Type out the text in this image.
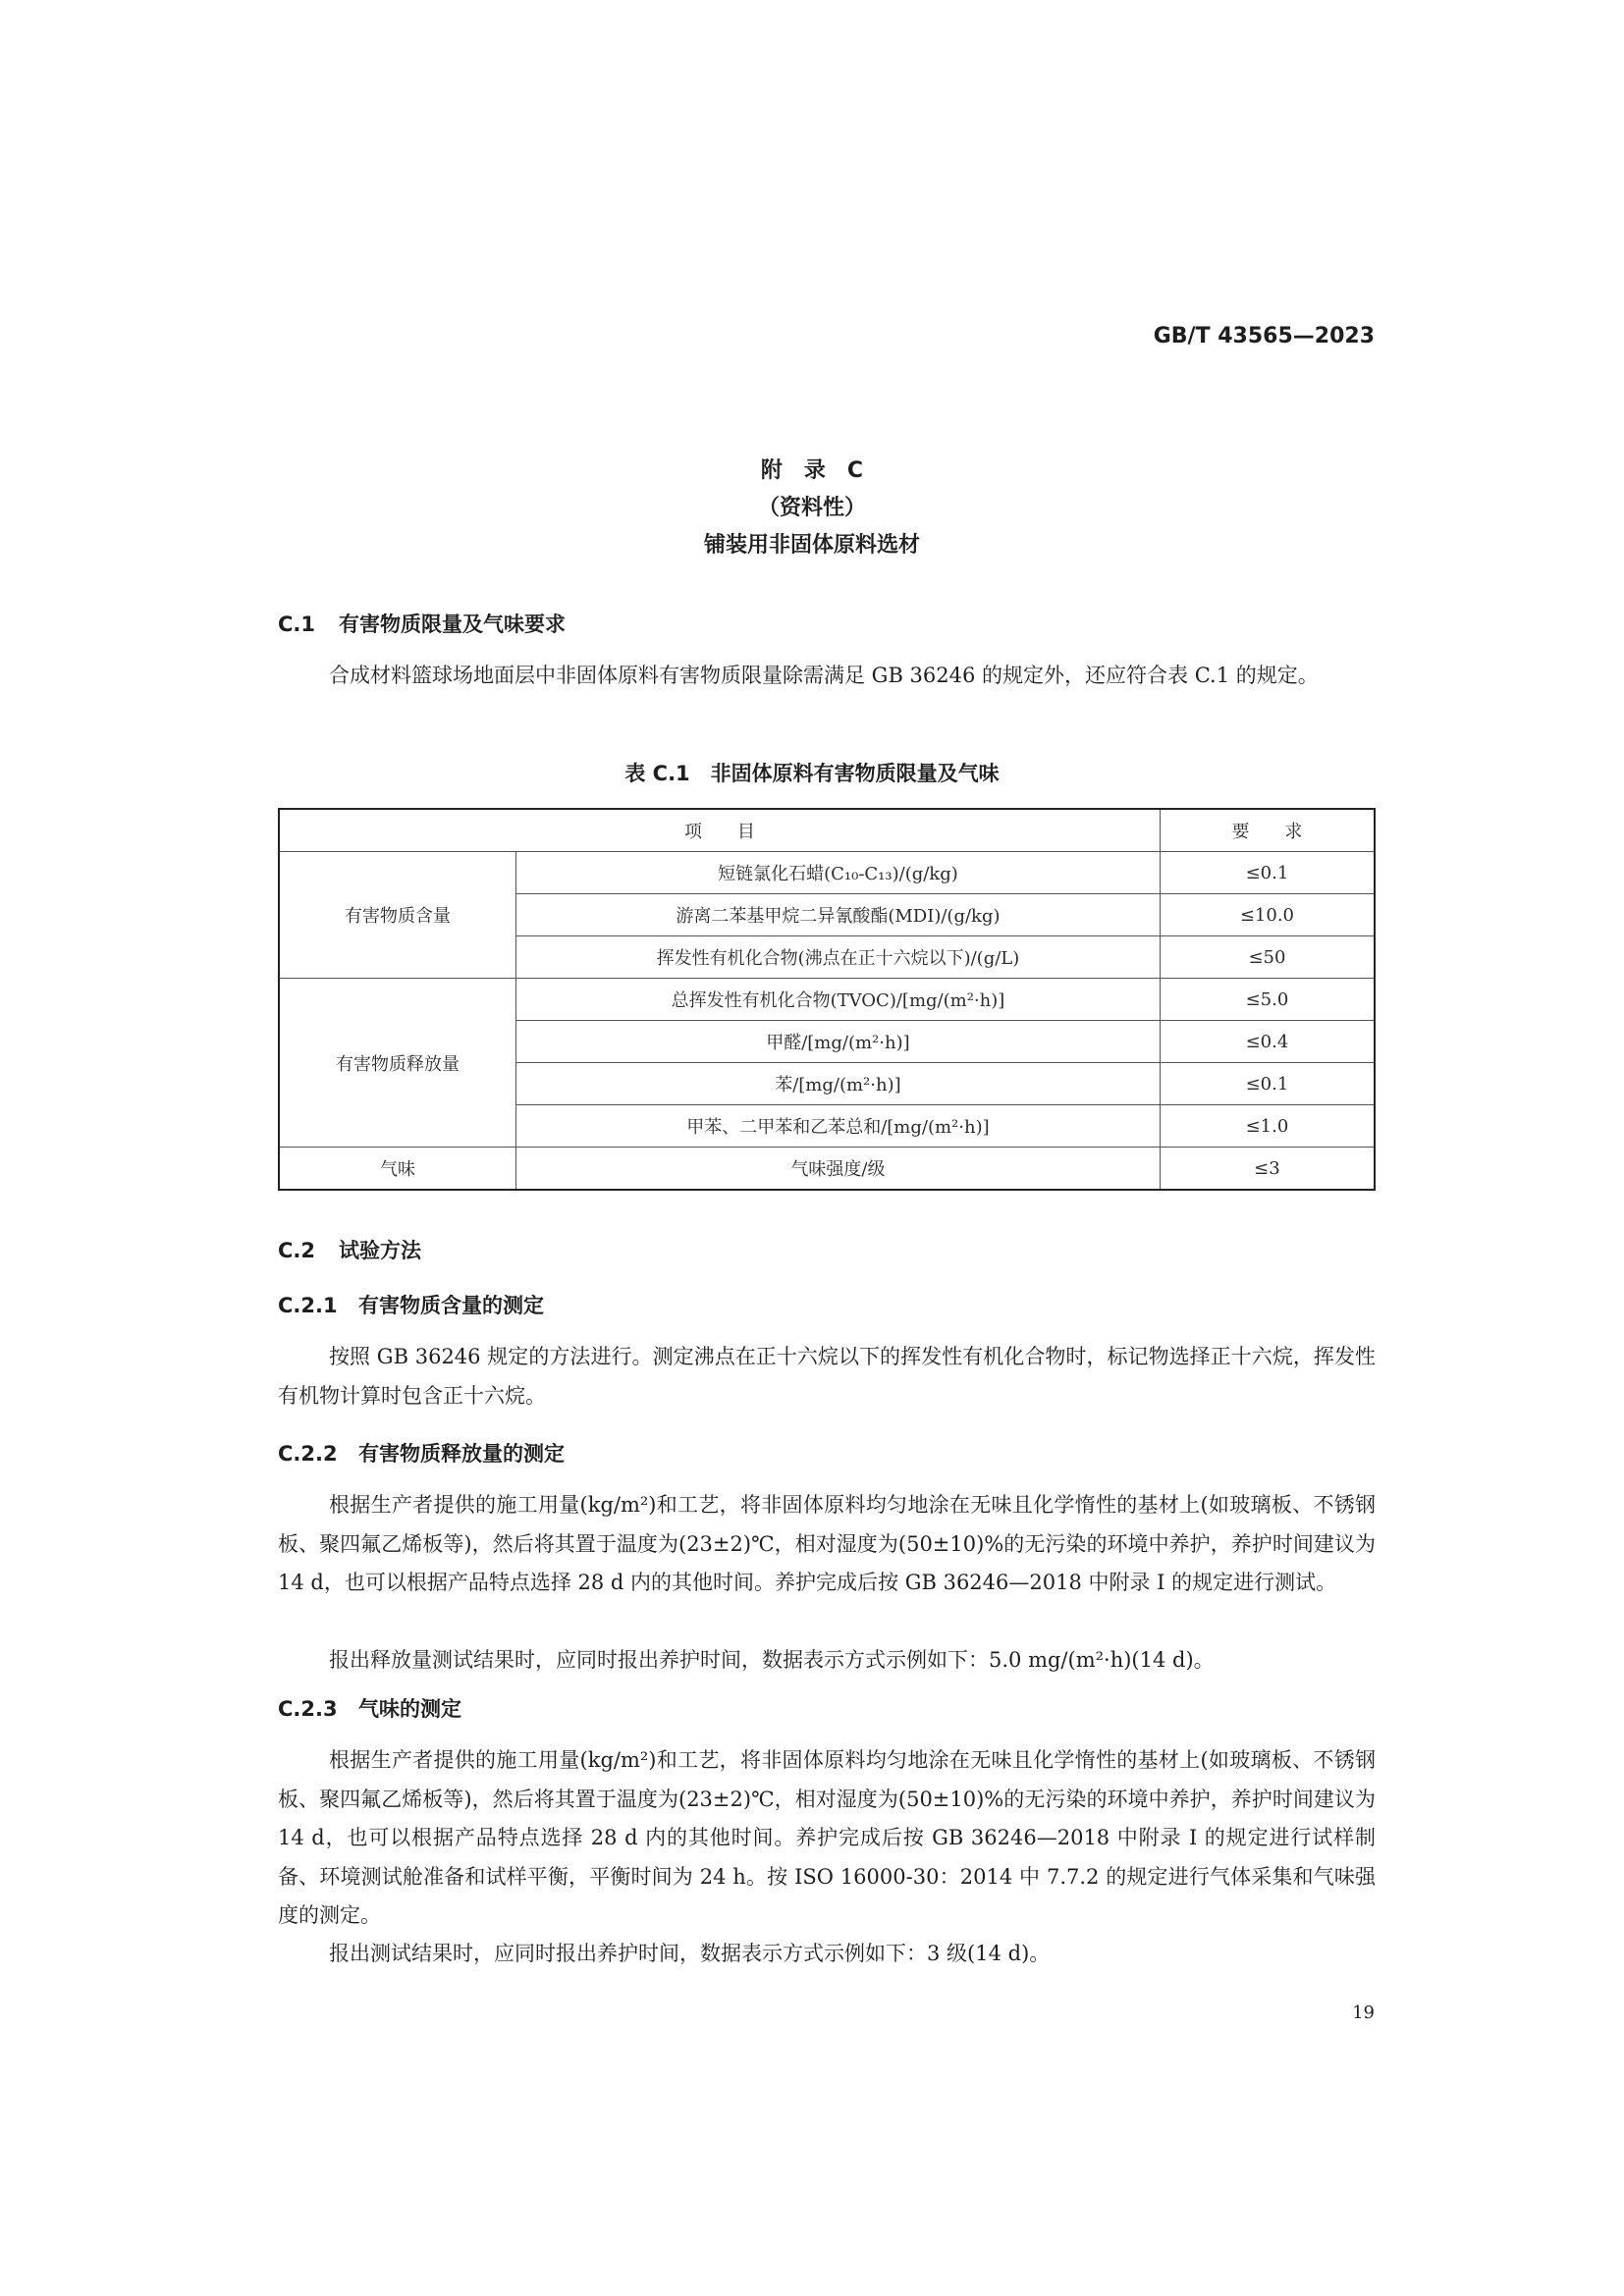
GB/T 43565—2023
附　录　C
（资料性）
铺装用非固体原料选材
C.1 有害物质限量及气味要求
合成材料篮球场地面层中非固体原料有害物质限量除需满足 GB 36246 的规定外，还应符合表 C.1 的规定。
表 C.1　非固体原料有害物质限量及气味
项　　目		要　　求
有害物质含量	短链氯化石蜡(C₁₀-C₁₃)/(g/kg)	≤0.1
	游离二苯基甲烷二异氰酸酯(MDI)/(g/kg)	≤10.0
	挥发性有机化合物(沸点在正十六烷以下)/(g/L)	≤50
有害物质释放量	总挥发性有机化合物(TVOC)/[mg/(m²·h)]	≤5.0
	甲醛/[mg/(m²·h)]	≤0.4
	苯/[mg/(m²·h)]	≤0.1
	甲苯、二甲苯和乙苯总和/[mg/(m²·h)]	≤1.0
气味	气味强度/级	≤3
C.2 试验方法
C.2.1 有害物质含量的测定
按照 GB 36246 规定的方法进行。测定沸点在正十六烷以下的挥发性有机化合物时，标记物选择正十六烷，挥发性有机物计算时包含正十六烷。
C.2.2 有害物质释放量的测定
根据生产者提供的施工用量(kg/m²)和工艺，将非固体原料均匀地涂在无味且化学惰性的基材上(如玻璃板、不锈钢板、聚四氟乙烯板等)，然后将其置于温度为(23±2)℃，相对湿度为(50±10)%的无污染的环境中养护，养护时间建议为 14 d，也可以根据产品特点选择 28 d 内的其他时间。养护完成后按 GB 36246—2018 中附录 I 的规定进行测试。
报出释放量测试结果时，应同时报出养护时间，数据表示方式示例如下：5.0 mg/(m²·h)(14 d)。
C.2.3 气味的测定
根据生产者提供的施工用量(kg/m²)和工艺，将非固体原料均匀地涂在无味且化学惰性的基材上(如玻璃板、不锈钢板、聚四氟乙烯板等)，然后将其置于温度为(23±2)℃，相对湿度为(50±10)%的无污染的环境中养护，养护时间建议为 14 d，也可以根据产品特点选择 28 d 内的其他时间。养护完成后按 GB 36246—2018 中附录 I 的规定进行试样制备、环境测试舱准备和试样平衡，平衡时间为 24 h。按 ISO 16000-30：2014 中 7.7.2 的规定进行气体采集和气味强度的测定。
报出测试结果时，应同时报出养护时间，数据表示方式示例如下：3 级(14 d)。
19
